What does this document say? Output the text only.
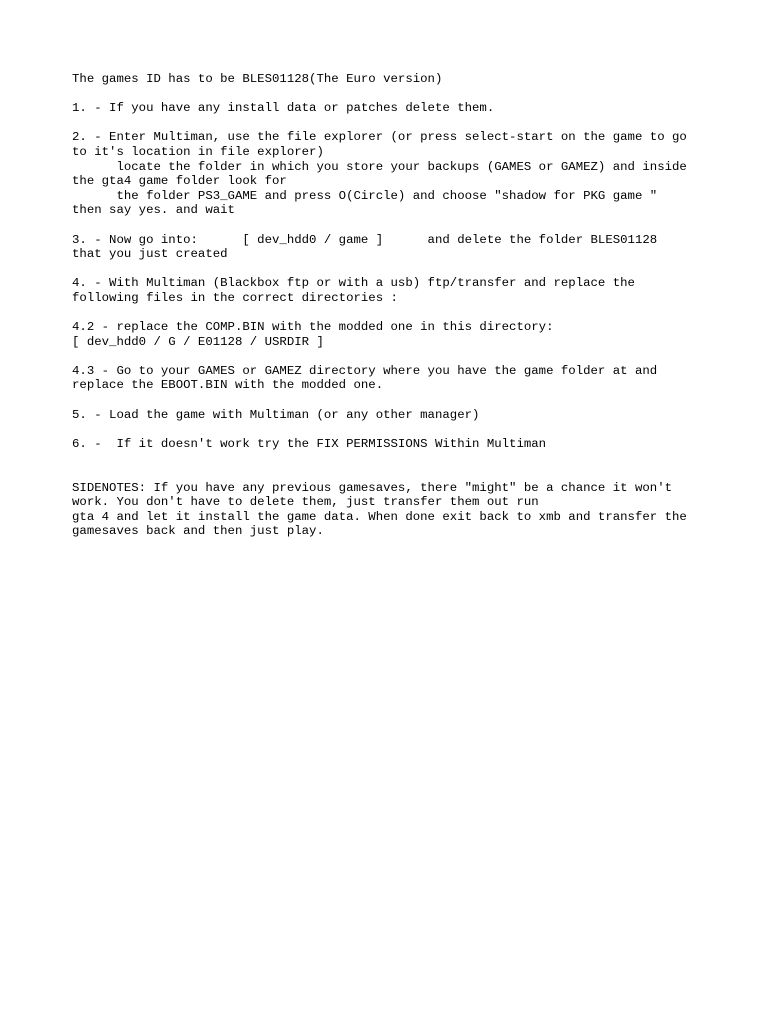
The games ID has to be BLES01128(The Euro version)

1. - If you have any install data or patches delete them.

2. - Enter Multiman, use the file explorer (or press select-start on the game to go
to it's location in file explorer)
locate the folder in which you store your backups (GAMES or GAMEZ) and inside
the gta4 game folder look for
the folder PS3_GAME and press O(Circle) and choose "shadow for PKG game "
then say yes. and wait

3. - Now go into:      [ dev_hdd0 / game ]      and delete the folder BLES01128
that you just created

4. - With Multiman (Blackbox ftp or with a usb) ftp/transfer and replace the
following files in the correct directories :

4.2 - replace the COMP.BIN with the modded one in this directory:
[ dev_hdd0 / G / E01128 / USRDIR ]

4.3 - Go to your GAMES or GAMEZ directory where you have the game folder at and
replace the EBOOT.BIN with the modded one.

5. - Load the game with Multiman (or any other manager)

6. -  If it doesn't work try the FIX PERMISSIONS Within Multiman

SIDENOTES: If you have any previous gamesaves, there "might" be a chance it won't
work. You don't have to delete them, just transfer them out run
gta 4 and let it install the game data. When done exit back to xmb and transfer the
gamesaves back and then just play.
